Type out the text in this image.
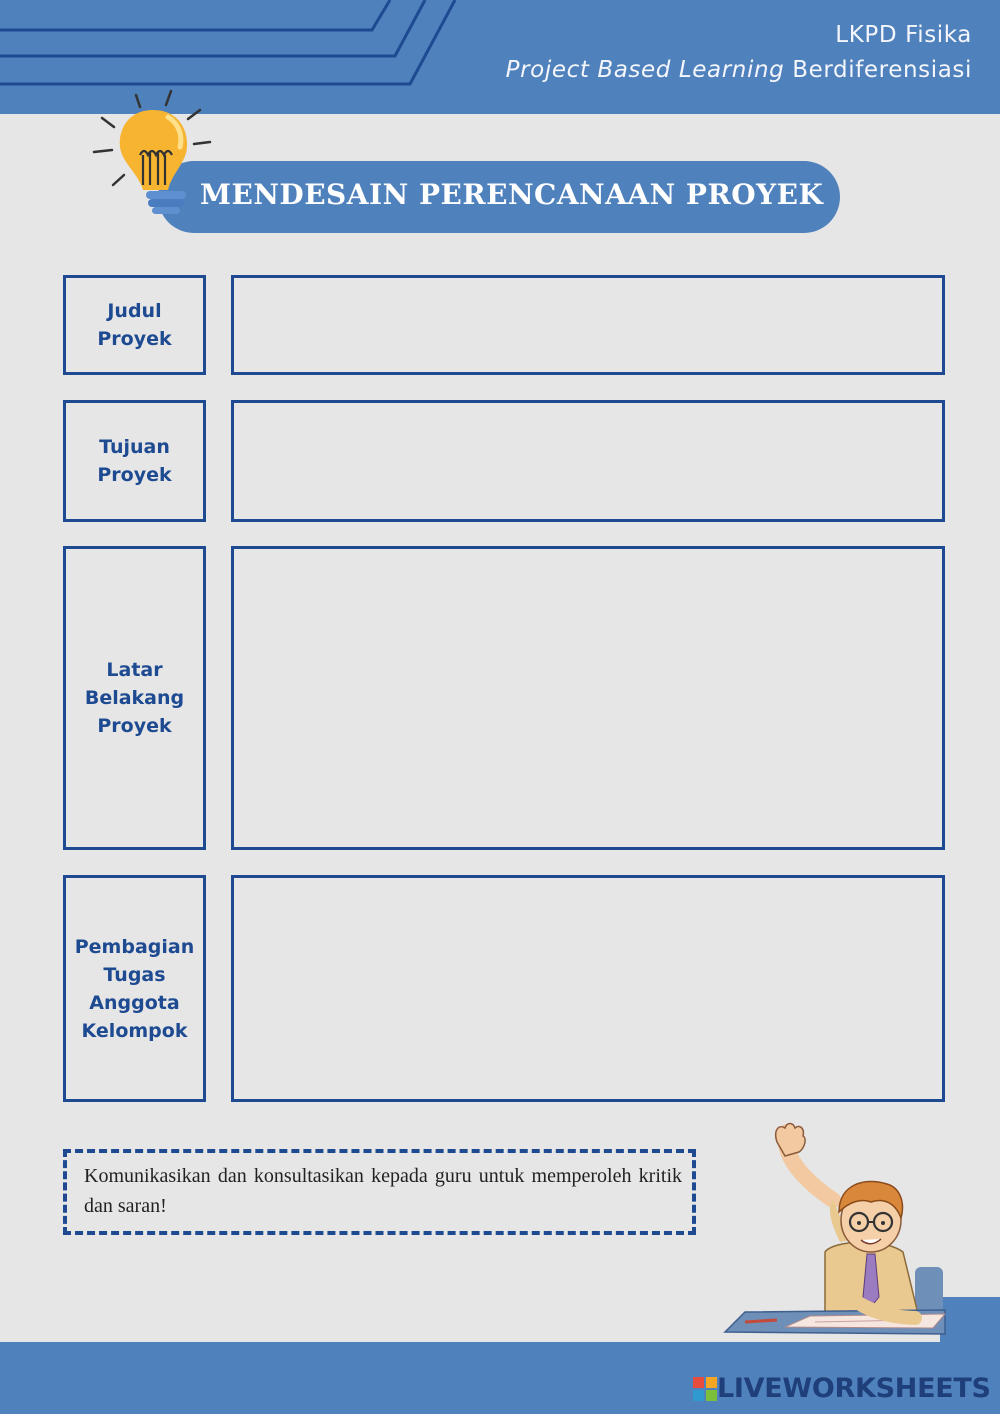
LKPD Fisika
Project Based Learning Berdiferensiasi
MENDESAIN PERENCANAAN PROYEK
Judul
Proyek
Tujuan
Proyek
Latar
Belakang
Proyek
Pembagian
Tugas
Anggota
Kelompok
Komunikasikan dan konsultasikan kepada guru untuk memperoleh kritik dan saran!
LIVEWORKSHEETS
